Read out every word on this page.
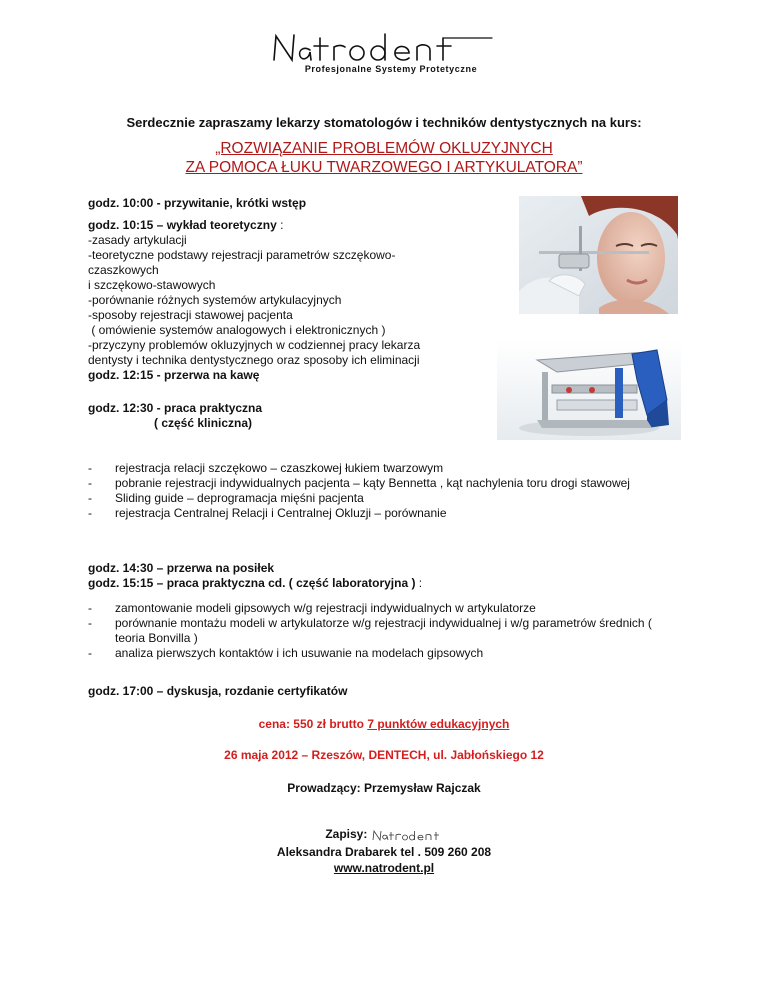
Profesjonalne Systemy Protetyczne
Serdecznie zapraszamy lekarzy stomatologów i techników dentystycznych na kurs:
„ROZWIĄZANIE PROBLEMÓW OKLUZYJNYCH
ZA POMOCA ŁUKU TWARZOWEGO I ARTYKULATORA”
godz. 10:00 - przywitanie, krótki wstęp
godz. 10:15 – wykład teoretyczny :
-zasady artykulacji
-teoretyczne podstawy rejestracji parametrów szczękowo-
czaszkowych
i szczękowo-stawowych
-porównanie różnych systemów artykulacyjnych
-sposoby rejestracji stawowej pacjenta
( omówienie systemów analogowych i elektronicznych )
-przyczyny problemów okluzyjnych w codziennej pracy lekarza
dentysty i technika dentystycznego oraz sposoby ich eliminacji
godz. 12:15 - przerwa na kawę
godz. 12:30 - praca praktyczna
( część kliniczna)
- rejestracja relacji szczękowo – czaszkowej łukiem twarzowym
- pobranie rejestracji indywidualnych pacjenta – kąty Bennetta , kąt nachylenia toru drogi stawowej
- Sliding guide – deprogramacja mięśni pacjenta
- rejestracja Centralnej Relacji i Centralnej Okluzji – porównanie
godz. 14:30 – przerwa na posiłek
godz. 15:15 – praca praktyczna cd. ( część laboratoryjna ) :
- zamontowanie modeli gipsowych w/g rejestracji indywidualnych w artykulatorze
- porównanie montażu modeli w artykulatorze w/g rejestracji indywidualnej i w/g parametrów średnich ( teoria Bonvilla )
- analiza pierwszych kontaktów i ich usuwanie na modelach gipsowych
godz. 17:00 – dyskusja, rozdanie certyfikatów
cena: 550 zł brutto 7 punktów edukacyjnych
26 maja 2012 – Rzeszów, DENTECH, ul. Jabłońskiego 12
Prowadzący: Przemysław Rajczak
Zapisy:
Aleksandra Drabarek tel . 509 260 208
www.natrodent.pl
